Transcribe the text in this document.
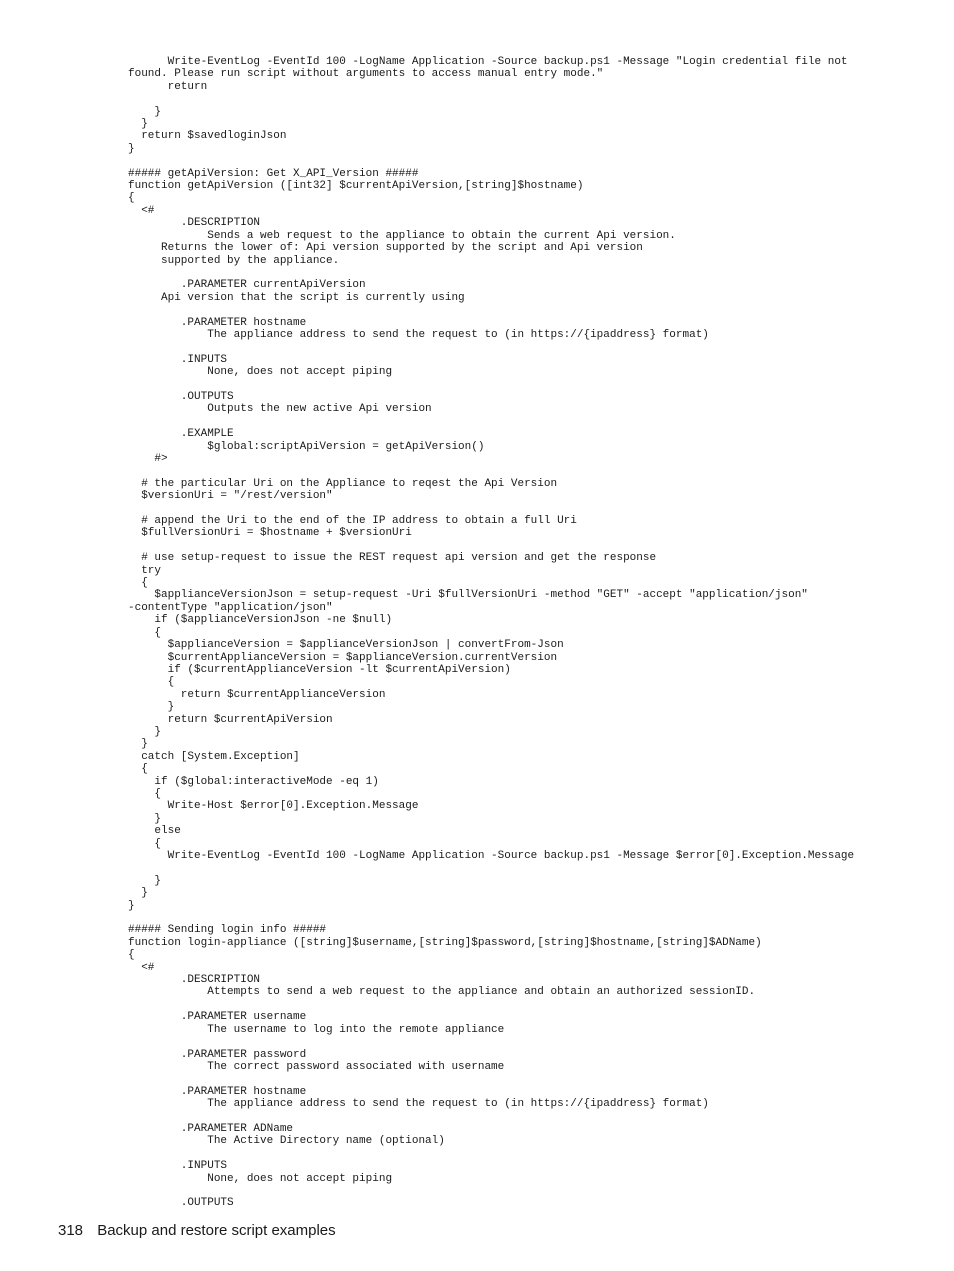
Write-EventLog -EventId 100 -LogName Application -Source backup.ps1 -Message "Login credential file not
found. Please run script without arguments to access manual entry mode."
return

}
}
return $savedloginJson
}

##### getApiVersion: Get X_API_Version #####
function getApiVersion ([int32] $currentApiVersion,[string]$hostname)
{
<#
.DESCRIPTION
Sends a web request to the appliance to obtain the current Api version.
Returns the lower of: Api version supported by the script and Api version
supported by the appliance.

.PARAMETER currentApiVersion
Api version that the script is currently using

.PARAMETER hostname
The appliance address to send the request to (in https://{ipaddress} format)

.INPUTS
None, does not accept piping

.OUTPUTS
Outputs the new active Api version

.EXAMPLE
$global:scriptApiVersion = getApiVersion()
#>

# the particular Uri on the Appliance to reqest the Api Version
$versionUri = "/rest/version"

# append the Uri to the end of the IP address to obtain a full Uri
$fullVersionUri = $hostname + $versionUri

# use setup-request to issue the REST request api version and get the response
try
{
$applianceVersionJson = setup-request -Uri $fullVersionUri -method "GET" -accept "application/json"
-contentType "application/json"
if ($applianceVersionJson -ne $null)
{
$applianceVersion = $applianceVersionJson | convertFrom-Json
$currentApplianceVersion = $applianceVersion.currentVersion
if ($currentApplianceVersion -lt $currentApiVersion)
{
return $currentApplianceVersion
}
return $currentApiVersion
}
}
catch [System.Exception]
{
if ($global:interactiveMode -eq 1)
{
Write-Host $error[0].Exception.Message
}
else
{
Write-EventLog -EventId 100 -LogName Application -Source backup.ps1 -Message $error[0].Exception.Message

}
}
}

##### Sending login info #####
function login-appliance ([string]$username,[string]$password,[string]$hostname,[string]$ADName)
{
<#
.DESCRIPTION
Attempts to send a web request to the appliance and obtain an authorized sessionID.

.PARAMETER username
The username to log into the remote appliance

.PARAMETER password
The correct password associated with username

.PARAMETER hostname
The appliance address to send the request to (in https://{ipaddress} format)

.PARAMETER ADName
The Active Directory name (optional)

.INPUTS
None, does not accept piping

.OUTPUTS
318 Backup and restore script examples
